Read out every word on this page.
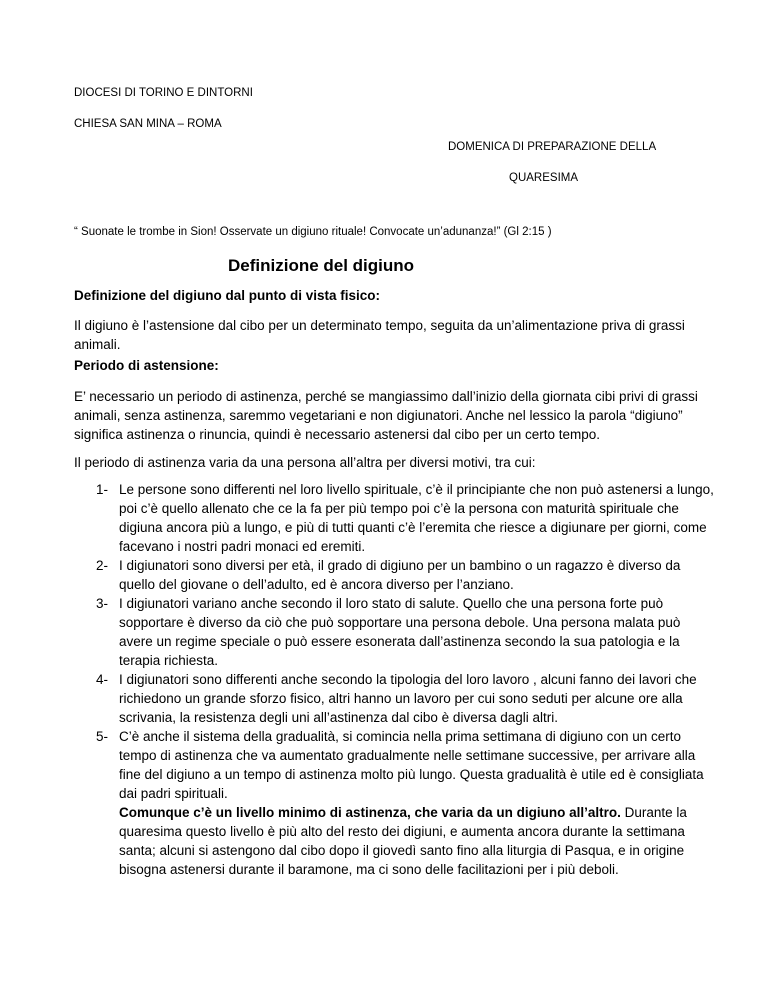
DIOCESI DI TORINO E DINTORNI
CHIESA SAN MINA – ROMA
DOMENICA DI PREPARAZIONE DELLA
QUARESIMA
“ Suonate le trombe in Sion! Osservate un digiuno rituale! Convocate un’adunanza!” (Gl 2:15 )
Definizione del digiuno
Definizione del digiuno dal punto di vista fisico:
Il digiuno è l’astensione dal cibo per un determinato tempo, seguita da un’alimentazione priva di grassi animali.
Periodo di astensione:
E’ necessario un periodo di astinenza, perché se mangiassimo dall’inizio della giornata cibi privi di grassi animali, senza astinenza, saremmo vegetariani e non digiunatori. Anche nel lessico la parola “digiuno” significa astinenza o rinuncia, quindi è necessario astenersi dal cibo per un certo tempo.
Il periodo di astinenza varia da una persona all’altra per diversi motivi, tra cui:
1- Le persone sono differenti nel loro livello spirituale, c’è il principiante che non può astenersi a lungo, poi c’è quello allenato che ce la fa per più tempo poi c’è la persona con maturità spirituale che digiuna ancora più a lungo, e più di tutti quanti c’è l’eremita che riesce a digiunare per giorni, come facevano i nostri padri monaci ed eremiti.
2- I digiunatori sono diversi per età, il grado di digiuno per un bambino o un ragazzo è diverso da quello del giovane o dell’adulto, ed è ancora diverso per l’anziano.
3- I digiunatori variano anche secondo il loro stato di salute. Quello che una persona forte può sopportare è diverso da ciò che può sopportare una persona debole. Una persona malata può avere un regime speciale o può essere esonerata dall’astinenza secondo la sua patologia e la terapia richiesta.
4- I digiunatori sono differenti anche secondo la tipologia del loro lavoro , alcuni fanno dei lavori che richiedono un grande sforzo fisico, altri hanno un lavoro per cui sono seduti per alcune ore alla scrivania, la resistenza degli uni all’astinenza dal cibo è diversa dagli altri.
5- C’è anche il sistema della gradualità, si comincia nella prima settimana di digiuno con un certo tempo di astinenza che va aumentato gradualmente nelle settimane successive, per arrivare alla fine del digiuno a un tempo di astinenza molto più lungo. Questa gradualità è utile ed è consigliata dai padri spirituali.
Comunque c’è un livello minimo di astinenza, che varia da un digiuno all’altro. Durante la quaresima questo livello è più alto del resto dei digiuni, e aumenta ancora durante la settimana santa; alcuni si astengono dal cibo dopo il giovedì santo fino alla liturgia di Pasqua, e in origine bisogna astenersi durante il baramone, ma ci sono delle facilitazioni per i più deboli.
